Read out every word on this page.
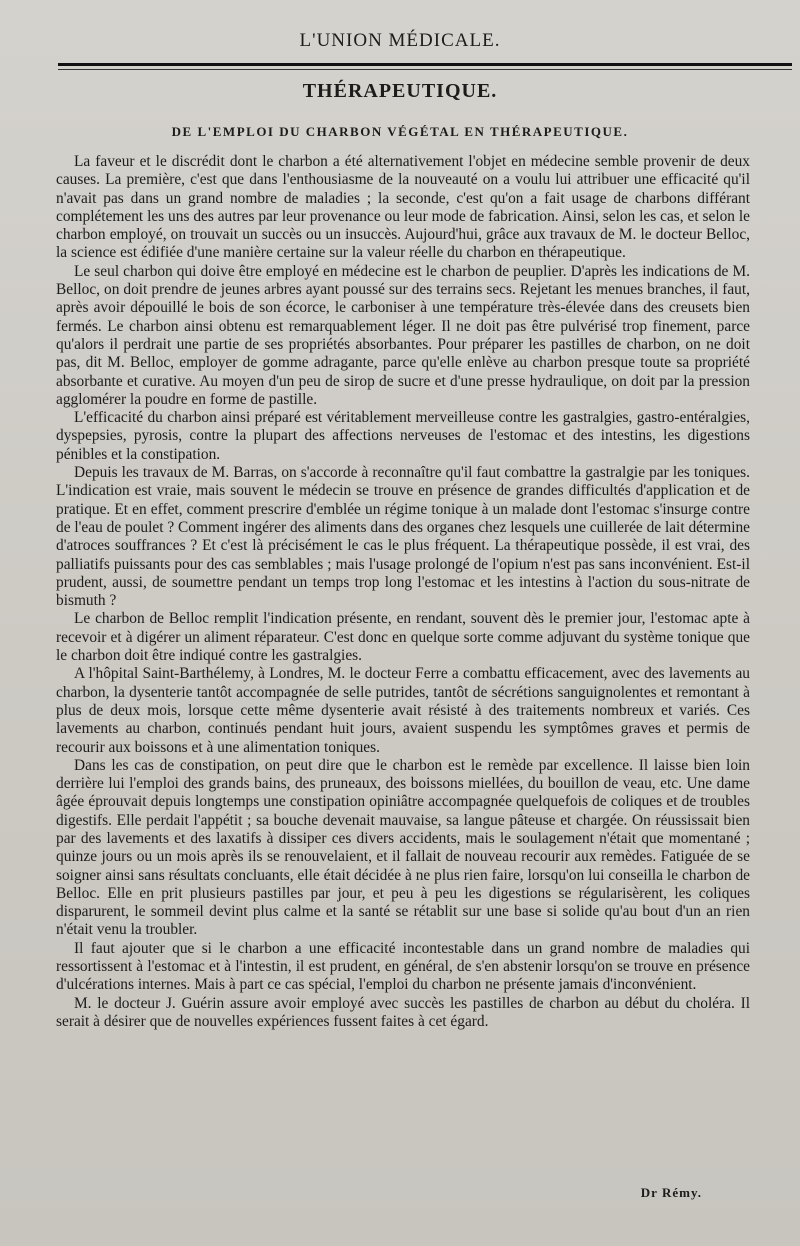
L'UNION MÉDICALE.
THÉRAPEUTIQUE.
DE L'EMPLOI DU CHARBON VÉGÉTAL EN THÉRAPEUTIQUE.

La faveur et le discrédit dont le charbon a été alternativement l'objet en médecine semble provenir de deux causes. La première, c'est que dans l'enthousiasme de la nouveauté on a voulu lui attribuer une efficacité qu'il n'avait pas dans un grand nombre de maladies ; la seconde, c'est qu'on a fait usage de charbons différant complétement les uns des autres par leur provenance ou leur mode de fabrication. Ainsi, selon les cas, et selon le charbon employé, on trouvait un succès ou un insuccès. Aujourd'hui, grâce aux travaux de M. le docteur Belloc, la science est édifiée d'une manière certaine sur la valeur réelle du charbon en thérapeutique.

Le seul charbon qui doive être employé en médecine est le charbon de peuplier. D'après les indications de M. Belloc, on doit prendre de jeunes arbres ayant poussé sur des terrains secs. Rejetant les menues branches, il faut, après avoir dépouillé le bois de son écorce, le carboniser à une température très-élevée dans des creusets bien fermés. Le charbon ainsi obtenu est remarquablement léger. Il ne doit pas être pulvérisé trop finement, parce qu'alors il perdrait une partie de ses propriétés absorbantes. Pour préparer les pastilles de charbon, on ne doit pas, dit M. Belloc, employer de gomme adragante, parce qu'elle enlève au charbon presque toute sa propriété absorbante et curative. Au moyen d'un peu de sirop de sucre et d'une presse hydraulique, on doit par la pression agglomérer la poudre en forme de pastille.

L'efficacité du charbon ainsi préparé est véritablement merveilleuse contre les gastralgies, gastro-entéralgies, dyspepsies, pyrosis, contre la plupart des affections nerveuses de l'estomac et des intestins, les digestions pénibles et la constipation.

Depuis les travaux de M. Barras, on s'accorde à reconnaître qu'il faut combattre la gastralgie par les toniques. L'indication est vraie, mais souvent le médecin se trouve en présence de grandes difficultés d'application et de pratique. Et en effet, comment prescrire d'emblée un régime tonique à un malade dont l'estomac s'insurge contre de l'eau de poulet ? Comment ingérer des aliments dans des organes chez lesquels une cuillerée de lait détermine d'atroces souffrances ? Et c'est là précisément le cas le plus fréquent. La thérapeutique possède, il est vrai, des palliatifs puissants pour des cas semblables ; mais l'usage prolongé de l'opium n'est pas sans inconvénient. Est-il prudent, aussi, de soumettre pendant un temps trop long l'estomac et les intestins à l'action du sous-nitrate de bismuth ?

Le charbon de Belloc remplit l'indication présente, en rendant, souvent dès le premier jour, l'estomac apte à recevoir et à digérer un aliment réparateur. C'est donc en quelque sorte comme adjuvant du système tonique que le charbon doit être indiqué contre les gastralgies.

A l'hôpital Saint-Barthélemy, à Londres, M. le docteur Ferre a combattu efficacement, avec des lavements au charbon, la dysenterie tantôt accompagnée de selle putrides, tantôt de sécrétions sanguignolentes et remontant à plus de deux mois, lorsque cette même dysenterie avait résisté à des traitements nombreux et variés. Ces lavements au charbon, continués pendant huit jours, avaient suspendu les symptômes graves et permis de recourir aux boissons et à une alimentation toniques.

Dans les cas de constipation, on peut dire que le charbon est le remède par excellence. Il laisse bien loin derrière lui l'emploi des grands bains, des pruneaux, des boissons miellées, du bouillon de veau, etc. Une dame âgée éprouvait depuis longtemps une constipation opiniâtre accompagnée quelquefois de coliques et de troubles digestifs. Elle perdait l'appétit ; sa bouche devenait mauvaise, sa langue pâteuse et chargée. On réussissait bien par des lavements et des laxatifs à dissiper ces divers accidents, mais le soulagement n'était que momentané ; quinze jours ou un mois après ils se renouvelaient, et il fallait de nouveau recourir aux remèdes. Fatiguée de se soigner ainsi sans résultats concluants, elle était décidée à ne plus rien faire, lorsqu'on lui conseilla le charbon de Belloc. Elle en prit plusieurs pastilles par jour, et peu à peu les digestions se régularisèrent, les coliques disparurent, le sommeil devint plus calme et la santé se rétablit sur une base si solide qu'au bout d'un an rien n'était venu la troubler.

Il faut ajouter que si le charbon a une efficacité incontestable dans un grand nombre de maladies qui ressortissent à l'estomac et à l'intestin, il est prudent, en général, de s'en abstenir lorsqu'on se trouve en présence d'ulcérations internes. Mais à part ce cas spécial, l'emploi du charbon ne présente jamais d'inconvénient.

M. le docteur J. Guérin assure avoir employé avec succès les pastilles de charbon au début du choléra. Il serait à désirer que de nouvelles expériences fussent faites à cet égard.

Dr Rémy.
